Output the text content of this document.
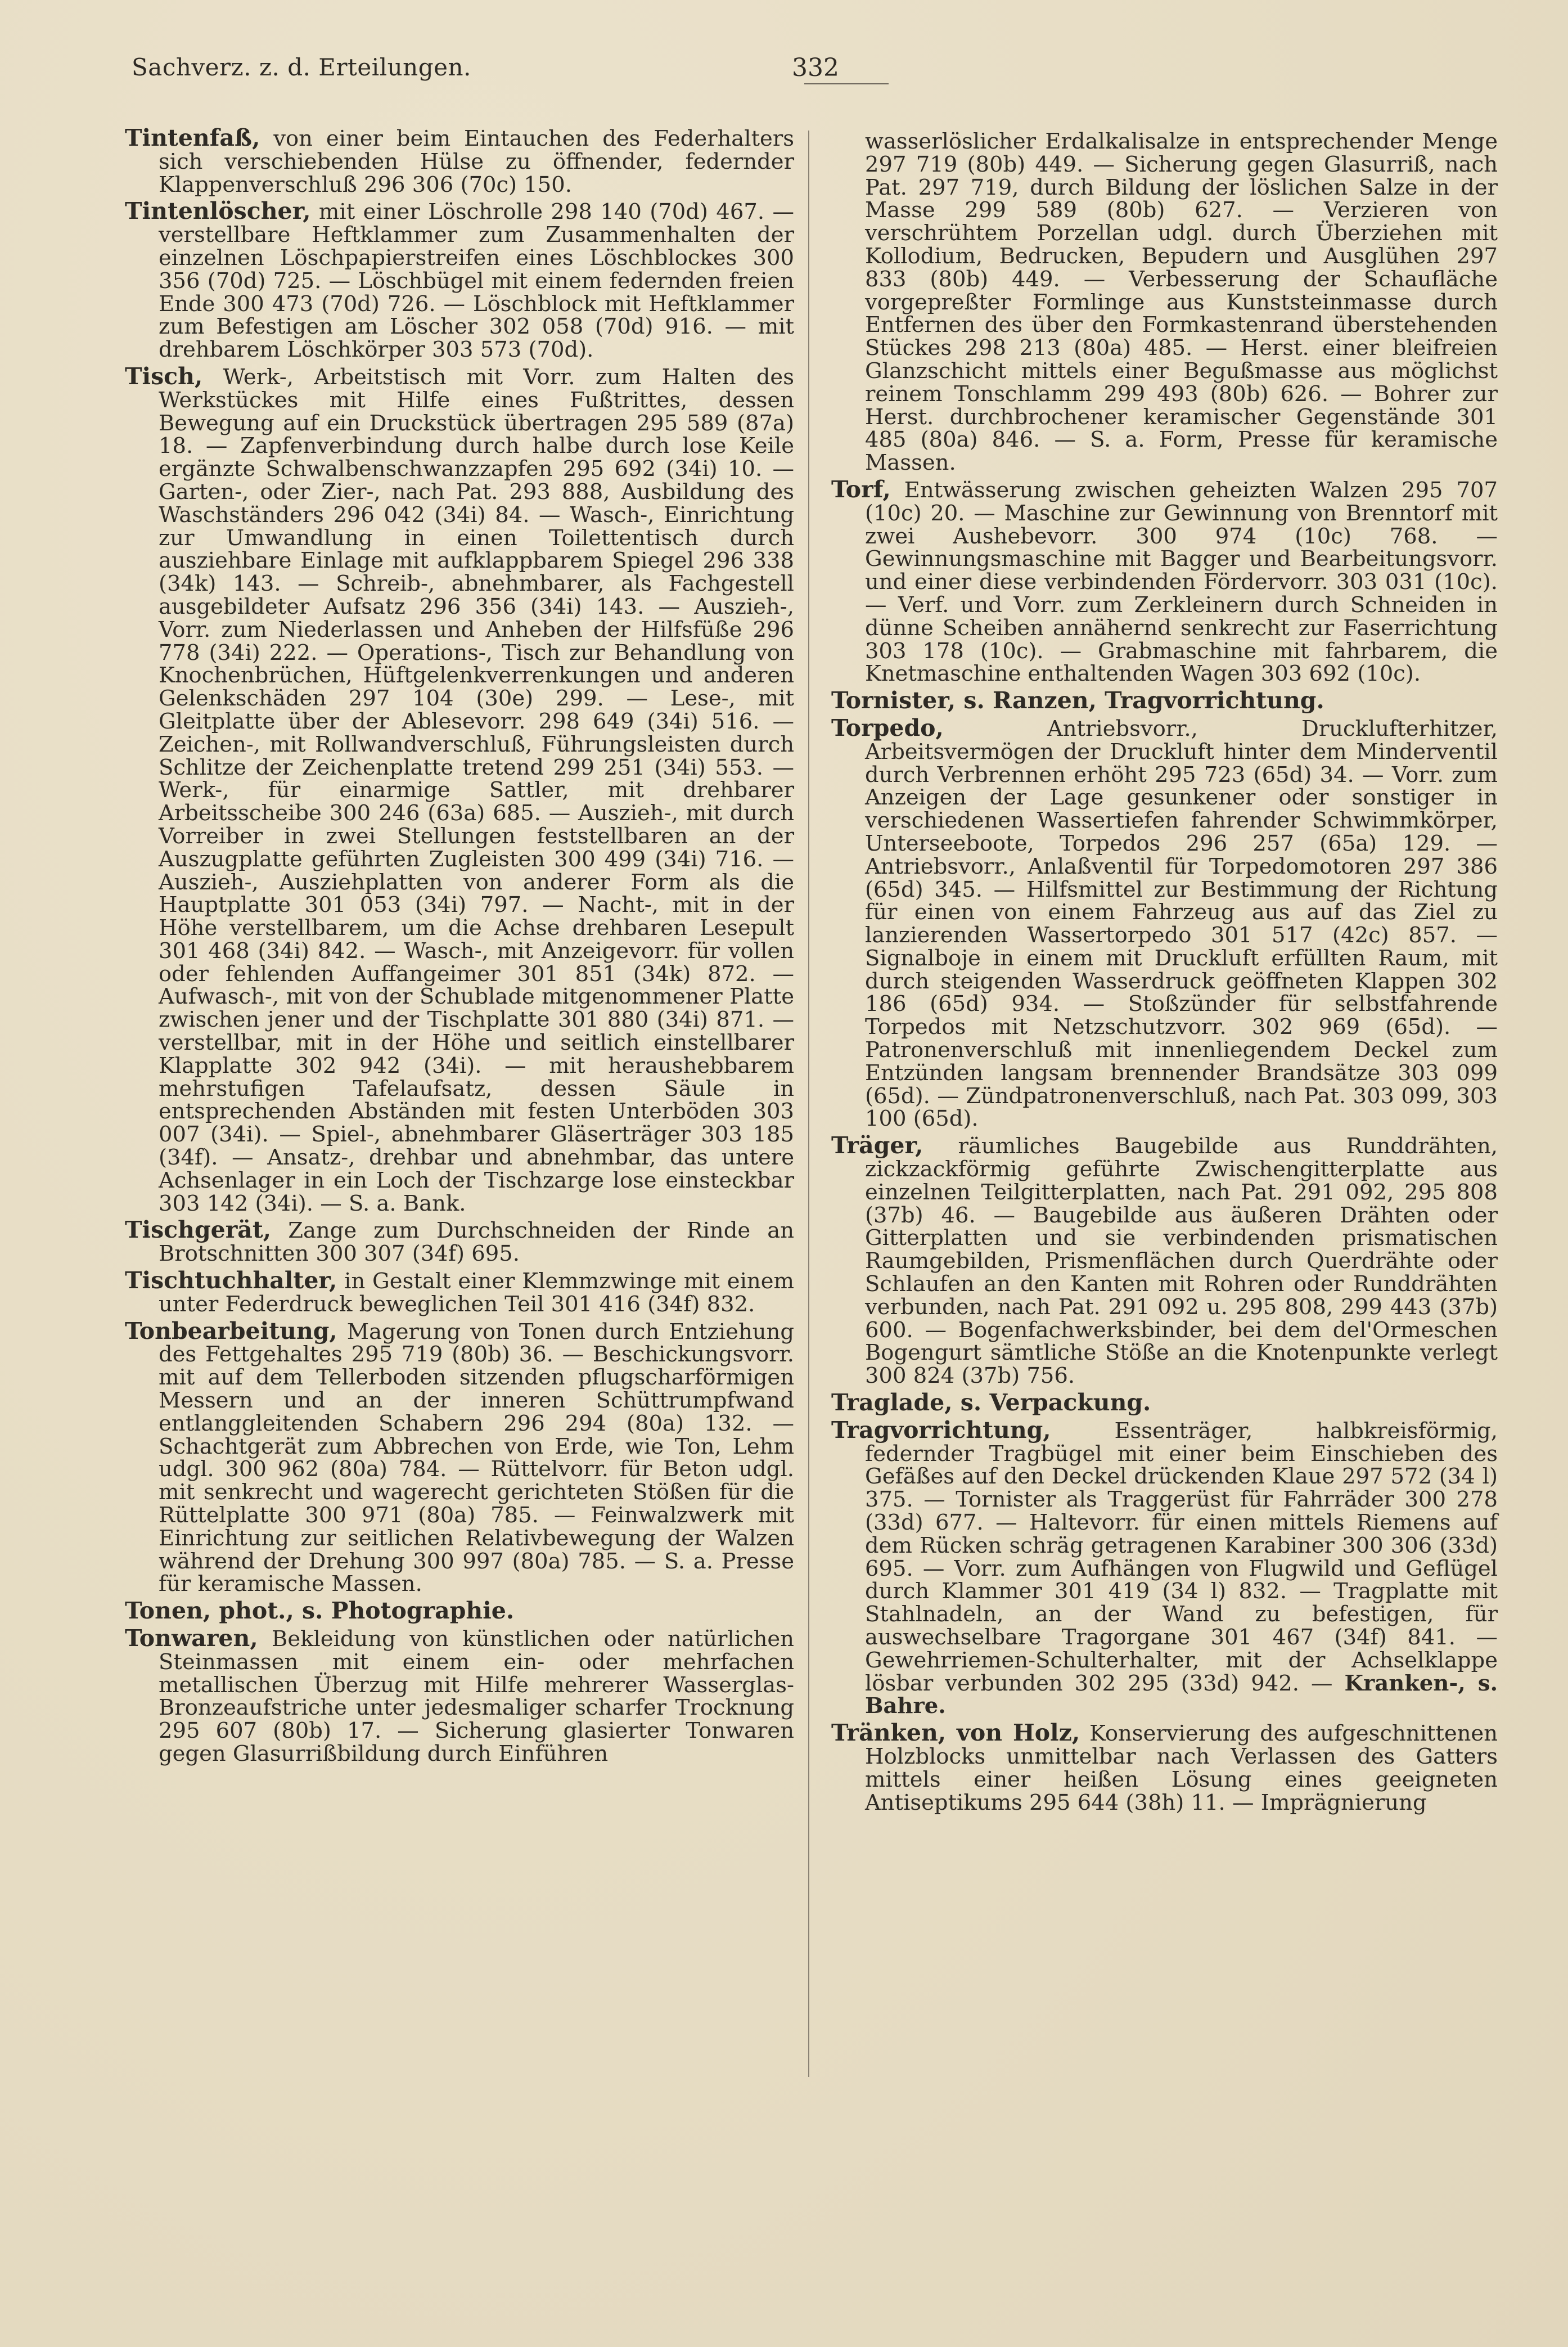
Sachverz. z. d. Erteilungen.	332

Tintenfaß, von einer beim Eintauchen des Federhalters sich verschiebenden Hülse zu öffnender, federnder Klappenverschluß 296 306 (70c) 150.

Tintenlöscher, mit einer Löschrolle 298 140 (70d) 467. — verstellbare Heftklammer zum Zusammenhalten der einzelnen Löschpapierstreifen eines Löschblockes 300 356 (70d) 725. — Löschbügel mit einem federnden freien Ende 300 473 (70d) 726. — Löschblock mit Heftklammer zum Befestigen am Löscher 302 058 (70d) 916. — mit drehbarem Löschkörper 303 573 (70d).

Tisch, Werk-, Arbeitstisch mit Vorr. zum Halten des Werkstückes mit Hilfe eines Fußtrittes, dessen Bewegung auf ein Druckstück übertragen 295 589 (87a) 18. — Zapfenverbindung durch halbe durch lose Keile ergänzte Schwalbenschwanzzapfen 295 692 (34i) 10. — Garten-, oder Zier-, nach Pat. 293 888, Ausbildung des Waschständers 296 042 (34i) 84. — Wasch-, Einrichtung zur Umwandlung in einen Toilettentisch durch ausziehbare Einlage mit aufklappbarem Spiegel 296 338 (34k) 143. — Schreib-, abnehmbarer, als Fachgestell ausgebildeter Aufsatz 296 356 (34i) 143. — Auszieh-, Vorr. zum Niederlassen und Anheben der Hilfsfüße 296 778 (34i) 222. — Operations-, Tisch zur Behandlung von Knochenbrüchen, Hüftgelenkverrenkungen und anderen Gelenkschäden 297 104 (30e) 299. — Lese-, mit Gleitplatte über der Ablesevorr. 298 649 (34i) 516. — Zeichen-, mit Rollwandverschluß, Führungsleisten durch Schlitze der Zeichenplatte tretend 299 251 (34i) 553. — Werk-, für einarmige Sattler, mit drehbarer Arbeitsscheibe 300 246 (63a) 685. — Auszieh-, mit durch Vorreiber in zwei Stellungen feststellbaren an der Auszugplatte geführten Zugleisten 300 499 (34i) 716. — Auszieh-, Ausziehplatten von anderer Form als die Hauptplatte 301 053 (34i) 797. — Nacht-, mit in der Höhe verstellbarem, um die Achse drehbaren Lesepult 301 468 (34i) 842. — Wasch-, mit Anzeigevorr. für vollen oder fehlenden Auffangeimer 301 851 (34k) 872. — Aufwasch-, mit von der Schublade mitgenommener Platte zwischen jener und der Tischplatte 301 880 (34i) 871. — verstellbar, mit in der Höhe und seitlich einstellbarer Klapplatte 302 942 (34i). — mit heraushebbarem mehrstufigen Tafelaufsatz, dessen Säule in entsprechenden Abständen mit festen Unterböden 303 007 (34i). — Spiel-, abnehmbarer Gläserträger 303 185 (34f). — Ansatz-, drehbar und abnehmbar, das untere Achsenlager in ein Loch der Tischzarge lose einsteckbar 303 142 (34i). — S. a. Bank.

Tischgerät, Zange zum Durchschneiden der Rinde an Brotschnitten 300 307 (34f) 695.

Tischtuchhalter, in Gestalt einer Klemmzwinge mit einem unter Federdruck beweglichen Teil 301 416 (34f) 832.

Tonbearbeitung, Magerung von Tonen durch Entziehung des Fettgehaltes 295 719 (80b) 36. — Beschickungsvorr. mit auf dem Tellerboden sitzenden pflugscharförmigen Messern und an der inneren Schüttrumpfwand entlanggleitenden Schabern 296 294 (80a) 132. — Schachtgerät zum Abbrechen von Erde, wie Ton, Lehm udgl. 300 962 (80a) 784. — Rüttelvorr. für Beton udgl. mit senkrecht und wagerecht gerichteten Stößen für die Rüttelplatte 300 971 (80a) 785. — Feinwalzwerk mit Einrichtung zur seitlichen Relativbewegung der Walzen während der Drehung 300 997 (80a) 785. — S. a. Presse für keramische Massen.

Tonen, phot., s. Photographie.

Tonwaren, Bekleidung von künstlichen oder natürlichen Steinmassen mit einem ein- oder mehrfachen metallischen Überzug mit Hilfe mehrerer Wasserglas-Bronzeaufstriche unter jedesmaliger scharfer Trocknung 295 607 (80b) 17. — Sicherung glasierter Tonwaren gegen Glasurrißbildung durch Einführen

wasserlöslicher Erdalkalisalze in entsprechender Menge 297 719 (80b) 449. — Sicherung gegen Glasurriß, nach Pat. 297 719, durch Bildung der löslichen Salze in der Masse 299 589 (80b) 627. — Verzieren von verschrühtem Porzellan udgl. durch Überziehen mit Kollodium, Bedrucken, Bepudern und Ausglühen 297 833 (80b) 449. — Verbesserung der Schaufläche vorgepreßter Formlinge aus Kunststeinmasse durch Entfernen des über den Formkastenrand überstehenden Stückes 298 213 (80a) 485. — Herst. einer bleifreien Glanzschicht mittels einer Begußmasse aus möglichst reinem Tonschlamm 299 493 (80b) 626. — Bohrer zur Herst. durchbrochener keramischer Gegenstände 301 485 (80a) 846. — S. a. Form, Presse für keramische Massen.

Torf, Entwässerung zwischen geheizten Walzen 295 707 (10c) 20. — Maschine zur Gewinnung von Brenntorf mit zwei Aushebevorr. 300 974 (10c) 768. — Gewinnungsmaschine mit Bagger und Bearbeitungsvorr. und einer diese verbindenden Fördervorr. 303 031 (10c). — Verf. und Vorr. zum Zerkleinern durch Schneiden in dünne Scheiben annähernd senkrecht zur Faserrichtung 303 178 (10c). — Grabmaschine mit fahrbarem, die Knetmaschine enthaltenden Wagen 303 692 (10c).

Tornister, s. Ranzen, Tragvorrichtung.

Torpedo,	Antriebsvorr., Drucklufterhitzer, Arbeitsvermögen der Druckluft hinter dem Minderventil durch Verbrennen erhöht 295 723 (65d) 34. — Vorr. zum Anzeigen der Lage gesunkener oder sonstiger in verschiedenen Wassertiefen fahrender Schwimmkörper, Unterseeboote, Torpedos 296 257 (65a) 129. — Antriebsvorr., Anlaßventil für Torpedomotoren 297 386 (65d) 345. — Hilfsmittel zur Bestimmung der Richtung für einen von einem Fahrzeug aus auf das Ziel zu lanzierenden Wassertorpedo 301 517 (42c) 857. — Signalboje in einem mit Druckluft erfüllten Raum, mit durch steigenden Wasserdruck geöffneten Klappen 302 186 (65d) 934. — Stoßzünder für selbstfahrende Torpedos mit Netzschutzvorr. 302 969 (65d). — Patronenverschluß mit innenliegendem Deckel zum Entzünden langsam brennender Brandsätze 303 099 (65d). — Zündpatronenverschluß, nach Pat. 303 099, 303 100 (65d).

Träger, räumliches Baugebilde aus Runddrähten, zickzackförmig geführte Zwischengitterplatte aus einzelnen Teilgitterplatten, nach Pat. 291 092, 295 808 (37b) 46. — Baugebilde aus äußeren Drähten oder Gitterplatten und sie verbindenden prismatischen Raumgebilden, Prismenflächen durch Querdrähte oder Schlaufen an den Kanten mit Rohren oder Runddrähten verbunden, nach Pat. 291 092 u. 295 808, 299 443 (37b) 600. — Bogenfachwerksbinder, bei dem del'Ormeschen Bogengurt sämtliche Stöße an die Knotenpunkte verlegt 300 824 (37b) 756.

Traglade, s. Verpackung.

Tragvorrichtung,	Essenträger, halbkreisförmig, federnder Tragbügel mit einer beim Einschieben des Gefäßes auf den Deckel drückenden Klaue 297 572 (34 l) 375. — Tornister als Traggerüst für Fahrräder 300 278 (33d) 677. — Haltevorr. für einen mittels Riemens auf dem Rücken schräg getragenen Karabiner 300 306 (33d) 695. — Vorr. zum Aufhängen von Flugwild und Geflügel durch Klammer 301 419 (34 l) 832. — Tragplatte mit Stahlnadeln, an der Wand zu befestigen, für auswechselbare Tragorgane 301 467 (34f) 841. — Gewehrriemen-Schulterhalter, mit der Achselklappe lösbar verbunden 302 295 (33d) 942. — Kranken-, s. Bahre.

Tränken, von Holz, Konservierung des aufgeschnittenen Holzblocks unmittelbar nach Verlassen des Gatters mittels einer heißen Lösung eines geeigneten Antiseptikums 295 644 (38h) 11. — Imprägnierung
